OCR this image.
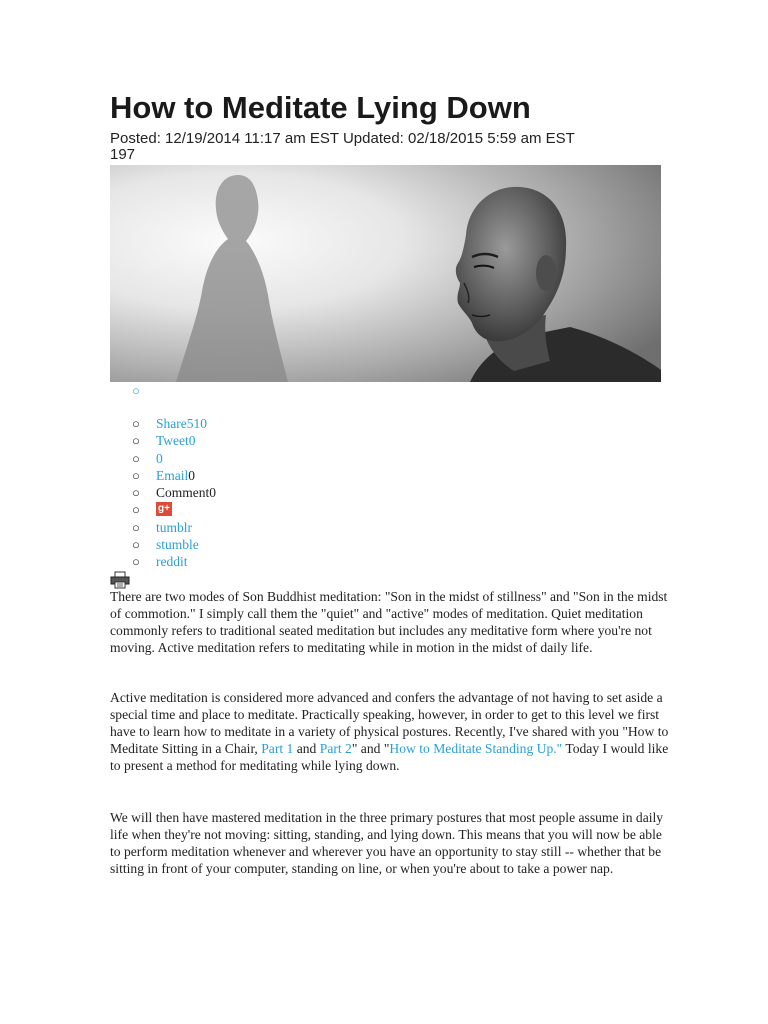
How to Meditate Lying Down
Posted: 12/19/2014 11:17 am EST Updated: 02/18/2015 5:59 am EST
197
○
○ Share510
○ Tweet0
○ 0
○ Email0
○ Comment0
○ g+
○ tumblr
○ stumble
○ reddit

There are two modes of Son Buddhist meditation: "Son in the midst of stillness" and "Son in the midst of commotion." I simply call them the "quiet" and "active" modes of meditation. Quiet meditation commonly refers to traditional seated meditation but includes any meditative form where you're not moving. Active meditation refers to meditating while in motion in the midst of daily life.

Active meditation is considered more advanced and confers the advantage of not having to set aside a special time and place to meditate. Practically speaking, however, in order to get to this level we first have to learn how to meditate in a variety of physical postures. Recently, I've shared with you "How to Meditate Sitting in a Chair, Part 1 and Part 2" and "How to Meditate Standing Up." Today I would like to present a method for meditating while lying down.

We will then have mastered meditation in the three primary postures that most people assume in daily life when they're not moving: sitting, standing, and lying down. This means that you will now be able to perform meditation whenever and wherever you have an opportunity to stay still -- whether that be sitting in front of your computer, standing on line, or when you're about to take a power nap.
